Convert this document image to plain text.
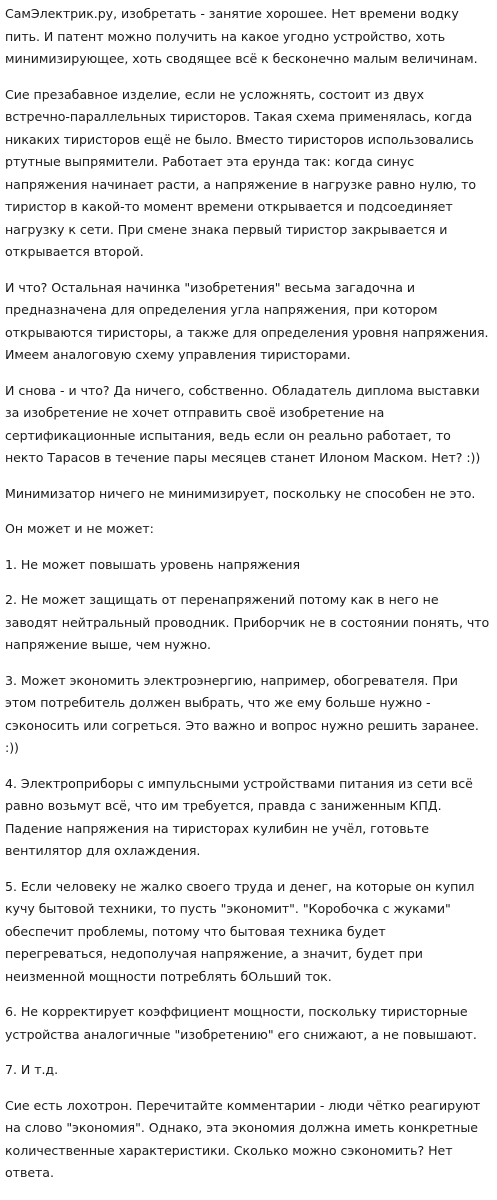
СамЭлектрик.ру, изобретать - занятие хорошее. Нет времени водку пить. И патент можно получить на какое угодно устройство, хоть минимизирующее, хоть сводящее всё к бесконечно малым величинам.

Сие презабавное изделие, если не усложнять, состоит из двух встречно-параллельных тиристоров. Такая схема применялась, когда никаких тиристоров ещё не было. Вместо тиристоров использовались ртутные выпрямители. Работает эта ерунда так: когда синус напряжения начинает расти, а напряжение в нагрузке равно нулю, то тиристор в какой-то момент времени открывается и подсоединяет нагрузку к сети. При смене знака первый тиристор закрывается и открывается второй.

И что? Остальная начинка "изобретения" весьма загадочна и предназначена для определения угла напряжения, при котором открываются тиристоры, а также для определения уровня напряжения. Имеем аналоговую схему управления тиристорами.

И снова - и что? Да ничего, собственно. Обладатель диплома выставки за изобретение не хочет отправить своё изобретение на сертификационные испытания, ведь если он реально работает, то некто Тарасов в течение пары месяцев станет Илоном Маском. Нет? :))

Минимизатор ничего не минимизирует, поскольку не способен не это.

Он может и не может:

1. Не может повышать уровень напряжения

2. Не может защищать от перенапряжений потому как в него не заводят нейтральный проводник. Приборчик не в состоянии понять, что напряжение выше, чем нужно.

3. Может экономить электроэнергию, например, обогревателя. При этом потребитель должен выбрать, что же ему больше нужно - сэконосить или согреться. Это важно и вопрос нужно решить заранее. :))

4. Электроприборы с импульсными устройствами питания из сети всё равно возьмут всё, что им требуется, правда с заниженным КПД. Падение напряжения на тиристорах кулибин не учёл, готовьте вентилятор для охлаждения.

5. Если человеку не жалко своего труда и денег, на которые он купил кучу бытовой техники, то пусть "экономит". "Коробочка с жуками" обеспечит проблемы, потому что бытовая техника будет перегреваться, недополучая напряжение, а значит, будет при неизменной мощности потреблять бОльший ток.

6. Не корректирует коэффициент мощности, поскольку тиристорные устройства аналогичные "изобретению" его снижают, а не повышают.

7. И т.д.

Сие есть лохотрон. Перечитайте комментарии - люди чётко реагируют на слово "экономия". Однако, эта экономия должна иметь конкретные количественные характеристики. Сколько можно сэкономить? Нет ответа.
